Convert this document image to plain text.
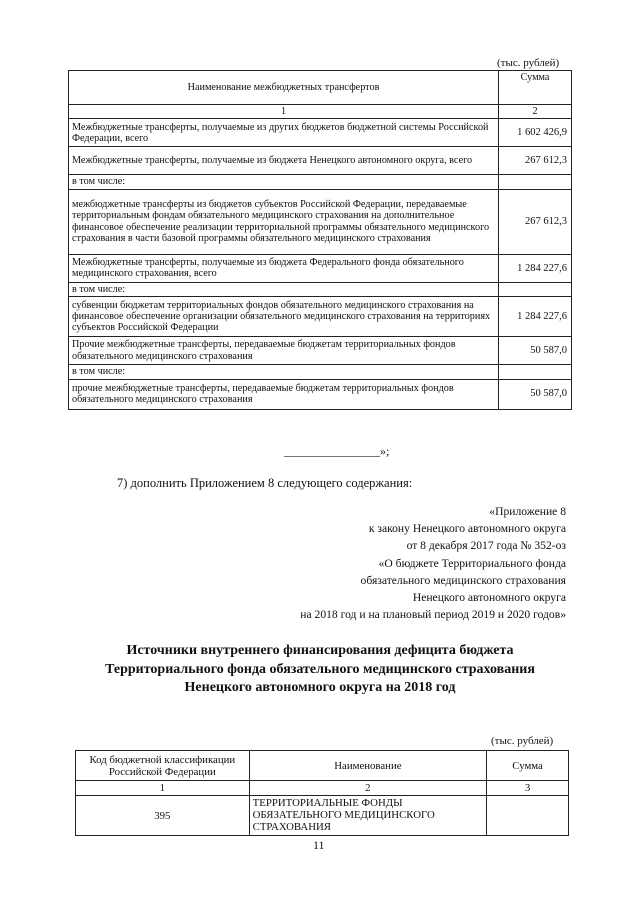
(тыс. рублей)
Наименование межбюджетных трансфертов	Сумма
1	2
Межбюджетные трансферты, получаемые из других бюджетов бюджетной системы Российской Федерации, всего	1 602 426,9
Межбюджетные трансферты, получаемые из бюджета Ненецкого автономного округа, всего	267 612,3
в том числе:	
межбюджетные трансферты из бюджетов субъектов Российской Федерации, передаваемые территориальным фондам обязательного медицинского страхования на дополнительное финансовое обеспечение реализации территориальной программы обязательного медицинского страхования в части базовой программы обязательного медицинского страхования	267 612,3
Межбюджетные трансферты, получаемые из бюджета Федерального фонда обязательного медицинского страхования, всего	1 284 227,6
в том числе:	
субвенции бюджетам территориальных фондов обязательного медицинского страхования на финансовое обеспечение организации обязательного медицинского страхования на территориях субъектов Российской Федерации	1 284 227,6
Прочие межбюджетные трансферты, передаваемые бюджетам территориальных фондов обязательного медицинского страхования	50 587,0
в том числе:	
прочие межбюджетные трансферты, передаваемые бюджетам территориальных фондов обязательного медицинского страхования	50 587,0
________________»;
7) дополнить Приложением 8 следующего содержания:
«Приложение 8
к закону Ненецкого автономного округа
от 8 декабря 2017 года № 352-оз
«О бюджете Территориального фонда
обязательного медицинского страхования
Ненецкого автономного округа
на 2018 год и на плановый период 2019 и 2020 годов»
Источники внутреннего финансирования дефицита бюджета
Территориального фонда обязательного медицинского страхования
Ненецкого автономного округа на 2018 год
(тыс. рублей)
Код бюджетной классификации Российской Федерации	Наименование	Сумма
1	2	3
395	ТЕРРИТОРИАЛЬНЫЕ ФОНДЫ ОБЯЗАТЕЛЬНОГО МЕДИЦИНСКОГО СТРАХОВАНИЯ	
11
